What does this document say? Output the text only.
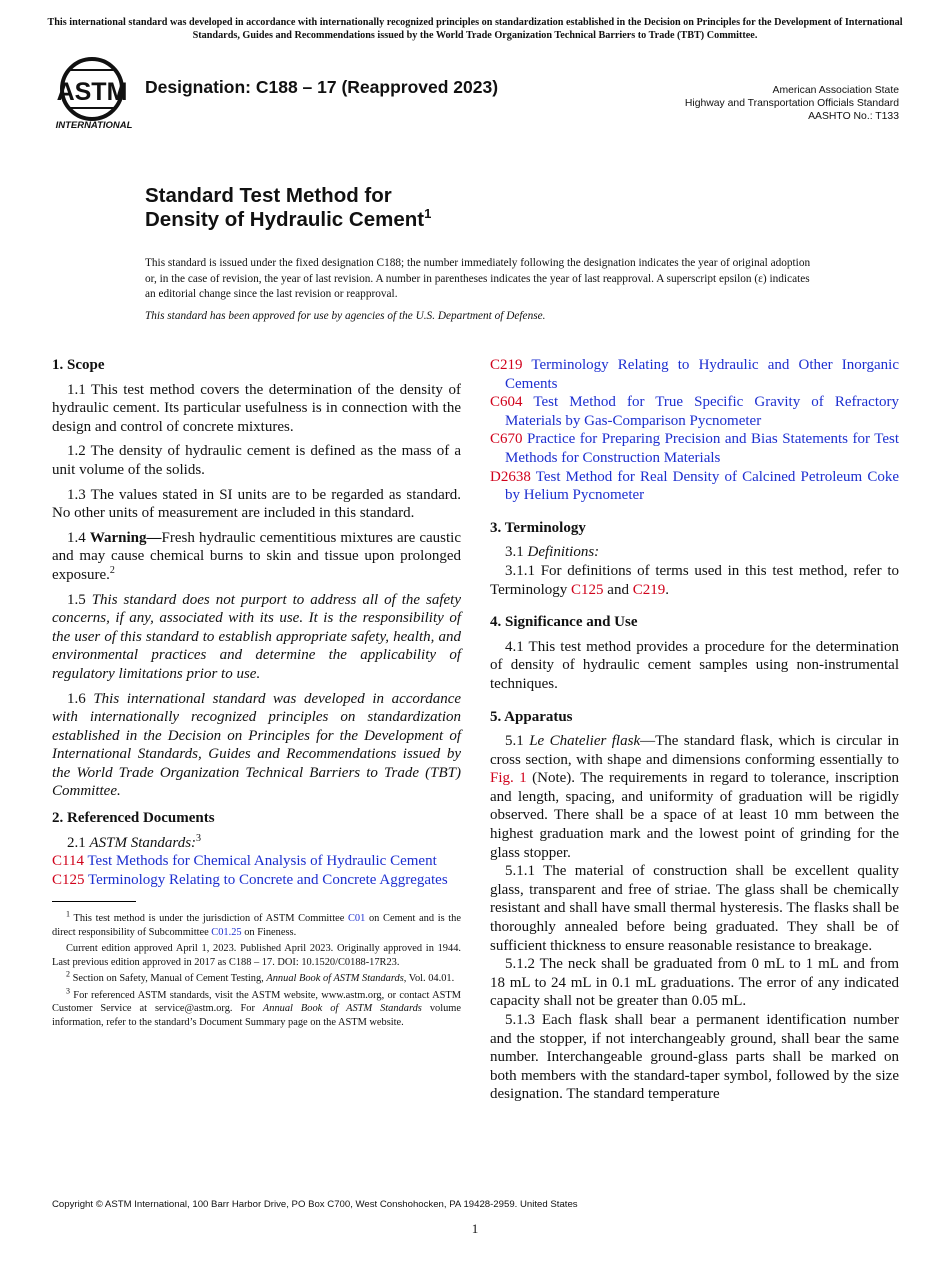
This international standard was developed in accordance with internationally recognized principles on standardization established in the Decision on Principles for the Development of International Standards, Guides and Recommendations issued by the World Trade Organization Technical Barriers to Trade (TBT) Committee.
ASTM
INTERNATIONAL
Designation: C188 – 17 (Reapproved 2023)	American Association State
Highway and Transportation Officials Standard
AASHTO No.: T133
Standard Test Method for
Density of Hydraulic Cement$^1$
This standard is issued under the fixed designation C188; the number immediately following the designation indicates the year of original adoption or, in the case of revision, the year of last revision. A number in parentheses indicates the year of last reapproval. A superscript epsilon (ε) indicates an editorial change since the last revision or reapproval.
This standard has been approved for use by agencies of the U.S. Department of Defense.
1. Scope

1.1 This test method covers the determination of the density of hydraulic cement. Its particular usefulness is in connection with the design and control of concrete mixtures.

1.2 The density of hydraulic cement is defined as the mass of a unit volume of the solids.

1.3 The values stated in SI units are to be regarded as standard. No other units of measurement are included in this standard.

1.4 Warning—Fresh hydraulic cementitious mixtures are caustic and may cause chemical burns to skin and tissue upon prolonged exposure.$^2$

1.5 This standard does not purport to address all of the safety concerns, if any, associated with its use. It is the responsibility of the user of this standard to establish appropriate safety, health, and environmental practices and determine the applicability of regulatory limitations prior to use.

1.6 This international standard was developed in accordance with internationally recognized principles on standardization established in the Decision on Principles for the Development of International Standards, Guides and Recommendations issued by the World Trade Organization Technical Barriers to Trade (TBT) Committee.

2. Referenced Documents

2.1 ASTM Standards:$^3$

C114 Test Methods for Chemical Analysis of Hydraulic Cement
C125 Terminology Relating to Concrete and Concrete Aggregates
$^1$ This test method is under the jurisdiction of ASTM Committee C01 on Cement and is the direct responsibility of Subcommittee C01.25 on Fineness.
Current edition approved April 1, 2023. Published April 2023. Originally approved in 1944. Last previous edition approved in 2017 as C188 – 17. DOI: 10.1520/C0188-17R23.
$^2$ Section on Safety, Manual of Cement Testing, Annual Book of ASTM Standards, Vol. 04.01.
$^3$ For referenced ASTM standards, visit the ASTM website, www.astm.org, or contact ASTM Customer Service at service@astm.org. For Annual Book of ASTM Standards volume information, refer to the standard’s Document Summary page on the ASTM website.
C219 Terminology Relating to Hydraulic and Other Inorganic Cements
C604 Test Method for True Specific Gravity of Refractory Materials by Gas-Comparison Pycnometer
C670 Practice for Preparing Precision and Bias Statements for Test Methods for Construction Materials
D2638 Test Method for Real Density of Calcined Petroleum Coke by Helium Pycnometer
3. Terminology

3.1 Definitions:

3.1.1 For definitions of terms used in this test method, refer to Terminology C125 and C219.

4. Significance and Use

4.1 This test method provides a procedure for the determination of density of hydraulic cement samples using non-instrumental techniques.

5. Apparatus

5.1 Le Chatelier flask—The standard flask, which is circular in cross section, with shape and dimensions conforming essentially to Fig. 1 (Note). The requirements in regard to tolerance, inscription and length, spacing, and uniformity of graduation will be rigidly observed. There shall be a space of at least 10 mm between the highest graduation mark and the lowest point of grinding for the glass stopper.

5.1.1 The material of construction shall be excellent quality glass, transparent and free of striae. The glass shall be chemically resistant and shall have small thermal hysteresis. The flasks shall be thoroughly annealed before being graduated. They shall be of sufficient thickness to ensure reasonable resistance to breakage.

5.1.2 The neck shall be graduated from 0 mL to 1 mL and from 18 mL to 24 mL in 0.1 mL graduations. The error of any indicated capacity shall not be greater than 0.05 mL.

5.1.3 Each flask shall bear a permanent identification number and the stopper, if not interchangeably ground, shall bear the same number. Interchangeable ground-glass parts shall be marked on both members with the standard-taper symbol, followed by the size designation. The standard temperature

Copyright © ASTM International, 100 Barr Harbor Drive, PO Box C700, West Conshohocken, PA 19428-2959. United States
1
